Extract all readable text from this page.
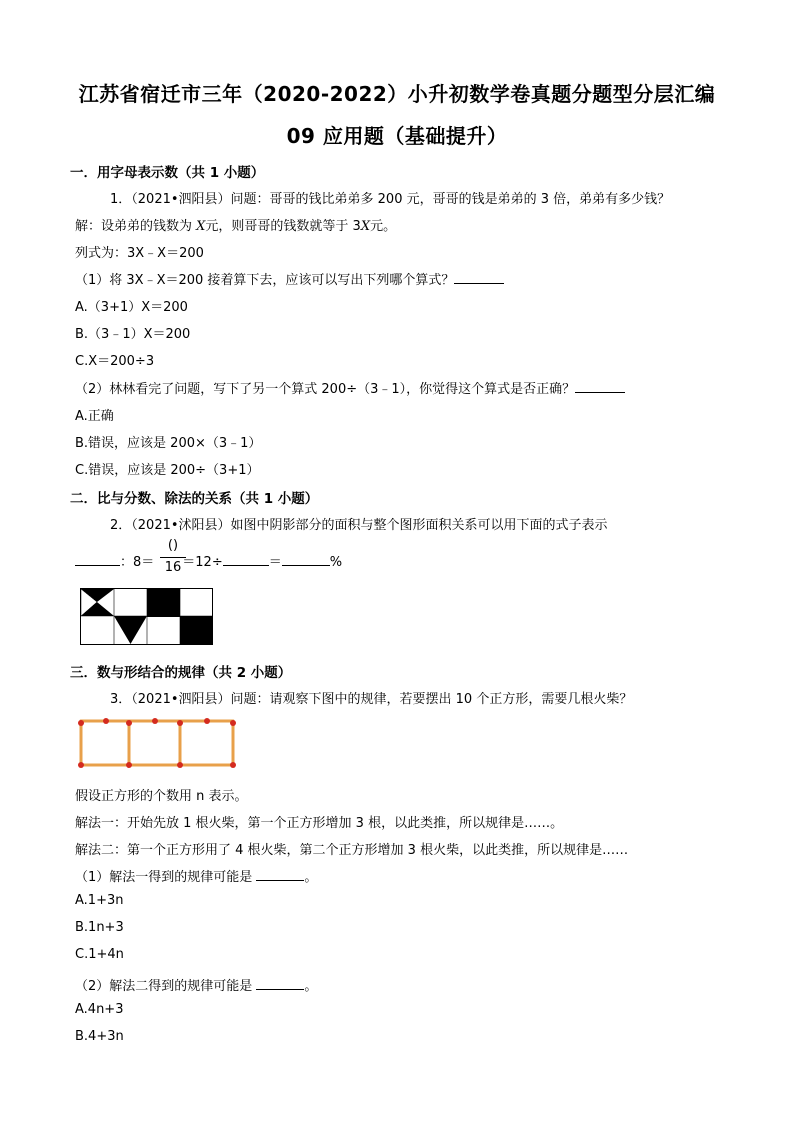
江苏省宿迁市三年（2020-2022）小升初数学卷真题分题型分层汇编
09 应用题（基础提升）
一．用字母表示数（共 1 小题）
1．（2021•泗阳县）问题：哥哥的钱比弟弟多 200 元，哥哥的钱是弟弟的 3 倍，弟弟有多少钱？
解：设弟弟的钱数为 X元，则哥哥的钱数就等于 3X元。
列式为：3X﹣X＝200
（1）将 3X﹣X＝200 接着算下去，应该可以写出下列哪个算式？
A.（3+1）X＝200
B.（3﹣1）X＝200
C.X＝200÷3
（2）林林看完了问题，写下了另一个算式 200÷（3﹣1），你觉得这个算式是否正确？
A.正确
B.错误，应该是 200×（3﹣1）
C.错误，应该是 200÷（3+1）
二．比与分数、除法的关系（共 1 小题）
2．（2021•沭阳县）如图中阴影部分的面积与整个图形面积关系可以用下面的式子表示
：8＝ ＝12÷	＝	%
()
16
三．数与形结合的规律（共 2 小题）
3．（2021•泗阳县）问题：请观察下图中的规律，若要摆出 10 个正方形，需要几根火柴？
假设正方形的个数用 n 表示。
解法一：开始先放 1 根火柴，第一个正方形增加 3 根，以此类推，所以规律是……。
解法二：第一个正方形用了 4 根火柴，第二个正方形增加 3 根火柴，以此类推，所以规律是……
（1）解法一得到的规律可能是	。
A.1+3n
B.1n+3
C.1+4n
（2）解法二得到的规律可能是	。
A.4n+3
B.4+3n
